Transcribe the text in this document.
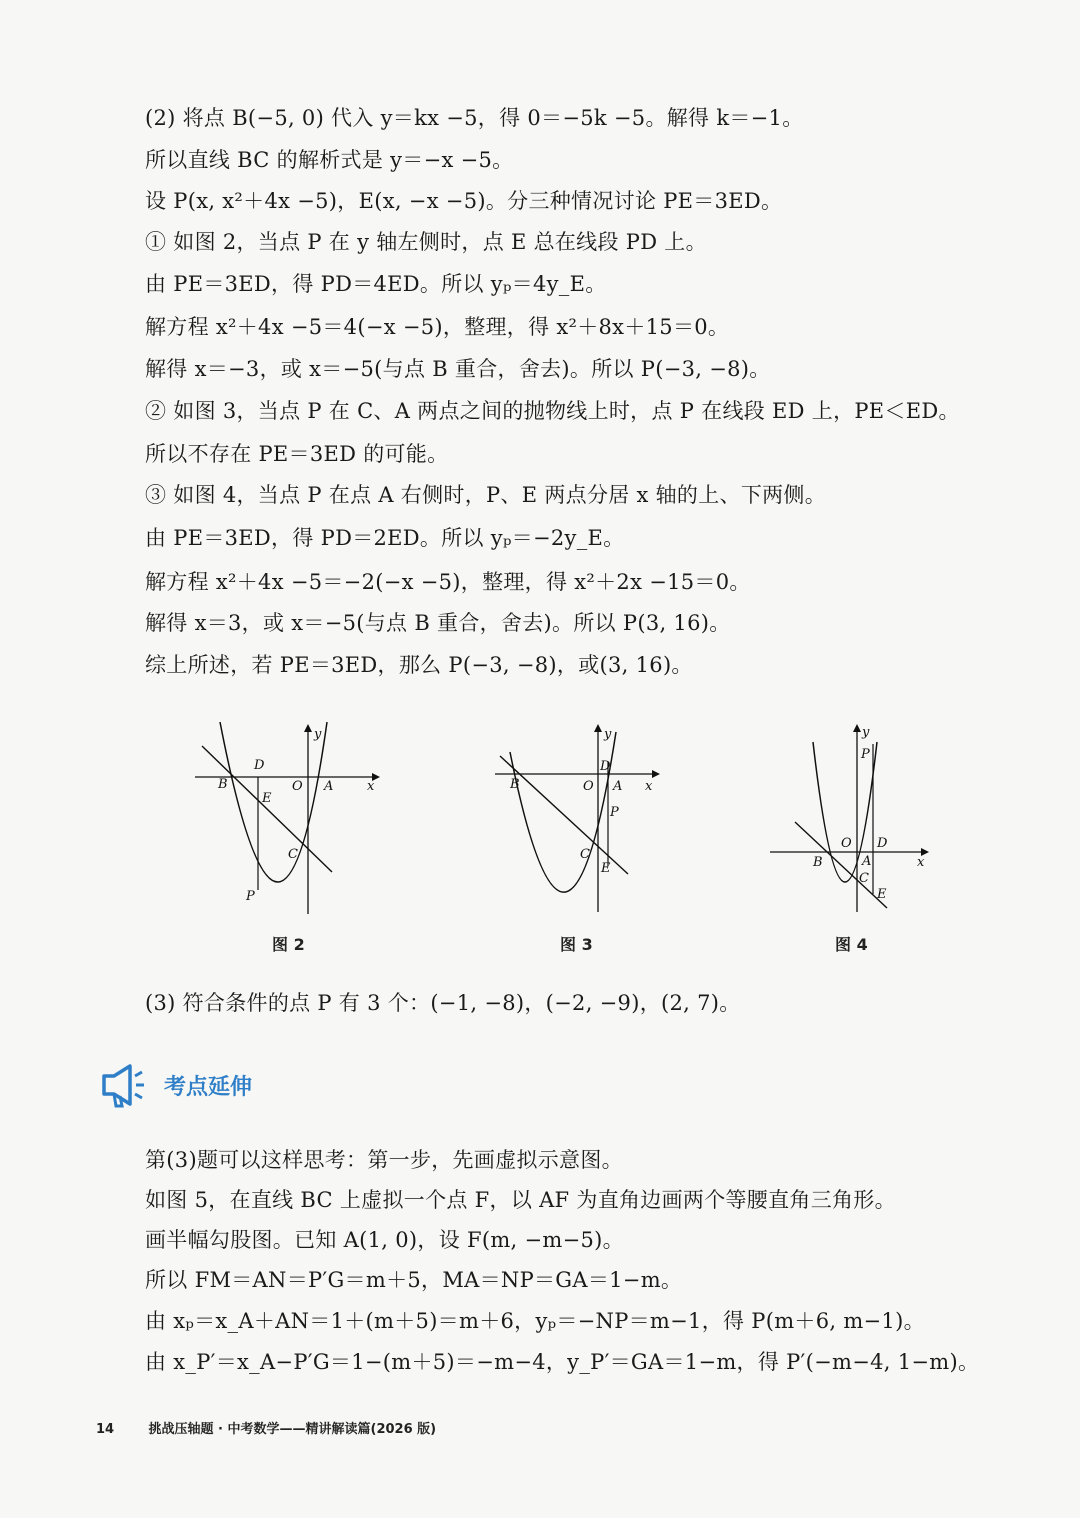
(2) 将点 B(−5, 0) 代入 y＝kx −5，得 0＝−5k −5。解得 k＝−1。
所以直线 BC 的解析式是 y＝−x −5。
设 P(x, x²＋4x −5)，E(x, −x −5)。分三种情况讨论 PE＝3ED。
① 如图 2，当点 P 在 y 轴左侧时，点 E 总在线段 PD 上。
由 PE＝3ED，得 PD＝4ED。所以 yₚ＝4y_E。
解方程 x²＋4x −5＝4(−x −5)，整理，得 x²＋8x＋15＝0。
解得 x＝−3，或 x＝−5(与点 B 重合，舍去)。所以 P(−3, −8)。
② 如图 3，当点 P 在 C、A 两点之间的抛物线上时，点 P 在线段 ED 上，PE＜ED。
所以不存在 PE＝3ED 的可能。
③ 如图 4，当点 P 在点 A 右侧时，P、E 两点分居 x 轴的上、下两侧。
由 PE＝3ED，得 PD＝2ED。所以 yₚ＝−2y_E。
解方程 x²＋4x −5＝−2(−x −5)，整理，得 x²＋2x −15＝0。
解得 x＝3，或 x＝−5(与点 B 重合，舍去)。所以 P(3, 16)。
综上所述，若 PE＝3ED，那么 P(−3, −8)，或(3, 16)。
B
D
E
O A
C
P
x
y
图 2
B
D
O A
P
C
E
x
y
图 3
P
B
O D
A
C
E
x
y
图 4
(3) 符合条件的点 P 有 3 个：(−1, −8)，(−2, −9)，(2, 7)。
考点延伸
第(3)题可以这样思考：第一步，先画虚拟示意图。
如图 5，在直线 BC 上虚拟一个点 F，以 AF 为直角边画两个等腰直角三角形。
画半幅勾股图。已知 A(1, 0)，设 F(m, −m−5)。
所以 FM＝AN＝P′G＝m＋5，MA＝NP＝GA＝1−m。
由 xₚ＝x_A＋AN＝1＋(m＋5)＝m＋6，yₚ＝−NP＝m−1，得 P(m＋6, m−1)。
由 x_P′＝x_A−P′G＝1−(m＋5)＝−m−4，y_P′＝GA＝1−m，得 P′(−m−4, 1−m)。
14	挑战压轴题 · 中考数学——精讲解读篇(2026 版)
